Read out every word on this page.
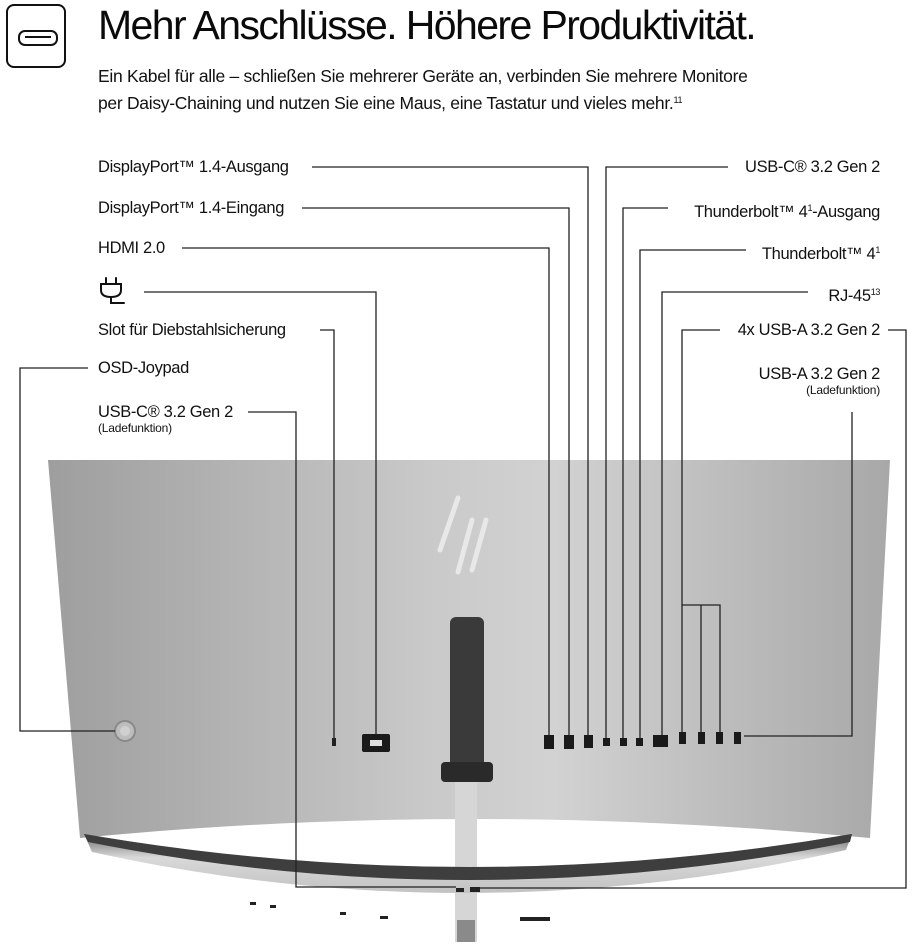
Mehr Anschlüsse. Höhere Produktivität.
Ein Kabel für alle – schließen Sie mehrerer Geräte an, verbinden Sie mehrere Monitore
per Daisy-Chaining und nutzen Sie eine Maus, eine Tastatur und vieles mehr.$^{11}$
DisplayPort™ 1.4-Ausgang
DisplayPort™ 1.4-Eingang
HDMI 2.0
Slot für Diebstahlsicherung
OSD-Joypad
USB-C® 3.2 Gen 2
(Ladefunktion)
USB-C® 3.2 Gen 2
Thunderbolt™ $4^1$-Ausgang
Thunderbolt™ $4^1$
$RJ-45^{13}$
4x USB-A 3.2 Gen 2
USB-A 3.2 Gen 2
(Ladefunktion)
